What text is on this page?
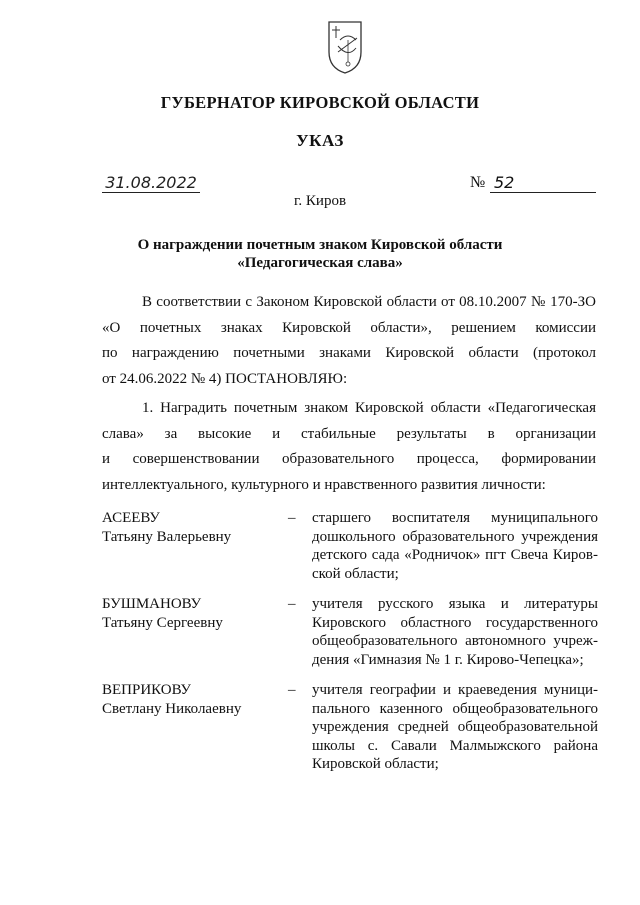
ГУБЕРНАТОР КИРОВСКОЙ ОБЛАСТИ
УКАЗ
31.08.2022	№ 52
г. Киров
О награждении почетным знаком Кировской области
«Педагогическая слава»
В соответствии с Законом Кировской области от 08.10.2007 № 170-ЗО
«О почетных знаках Кировской области», решением комиссии
по награждению почетными знаками Кировской области (протокол
от 24.06.2022 № 4) ПОСТАНОВЛЯЮ:
1. Наградить почетным знаком Кировской области «Педагогическая
слава» за высокие и стабильные результаты в организации
и совершенствовании образовательного процесса, формировании
интеллектуального, культурного и нравственного развития личности:
АСЕЕВУ
Татьяну Валерьевну
– старшего воспитателя муниципального
дошкольного образовательного учреждения
детского сада «Родничок» пгт Свеча Киров-
ской области;
БУШМАНОВУ
Татьяну Сергеевну
– учителя русского языка и литературы
Кировского областного государственного
общеобразовательного автономного учреж-
дения «Гимназия № 1 г. Кирово-Чепецка»;
ВЕПРИКОВУ
Светлану Николаевну
– учителя географии и краеведения муници-
пального казенного общеобразовательного
учреждения средней общеобразовательной
школы с. Савали Малмыжского района
Кировской области;
